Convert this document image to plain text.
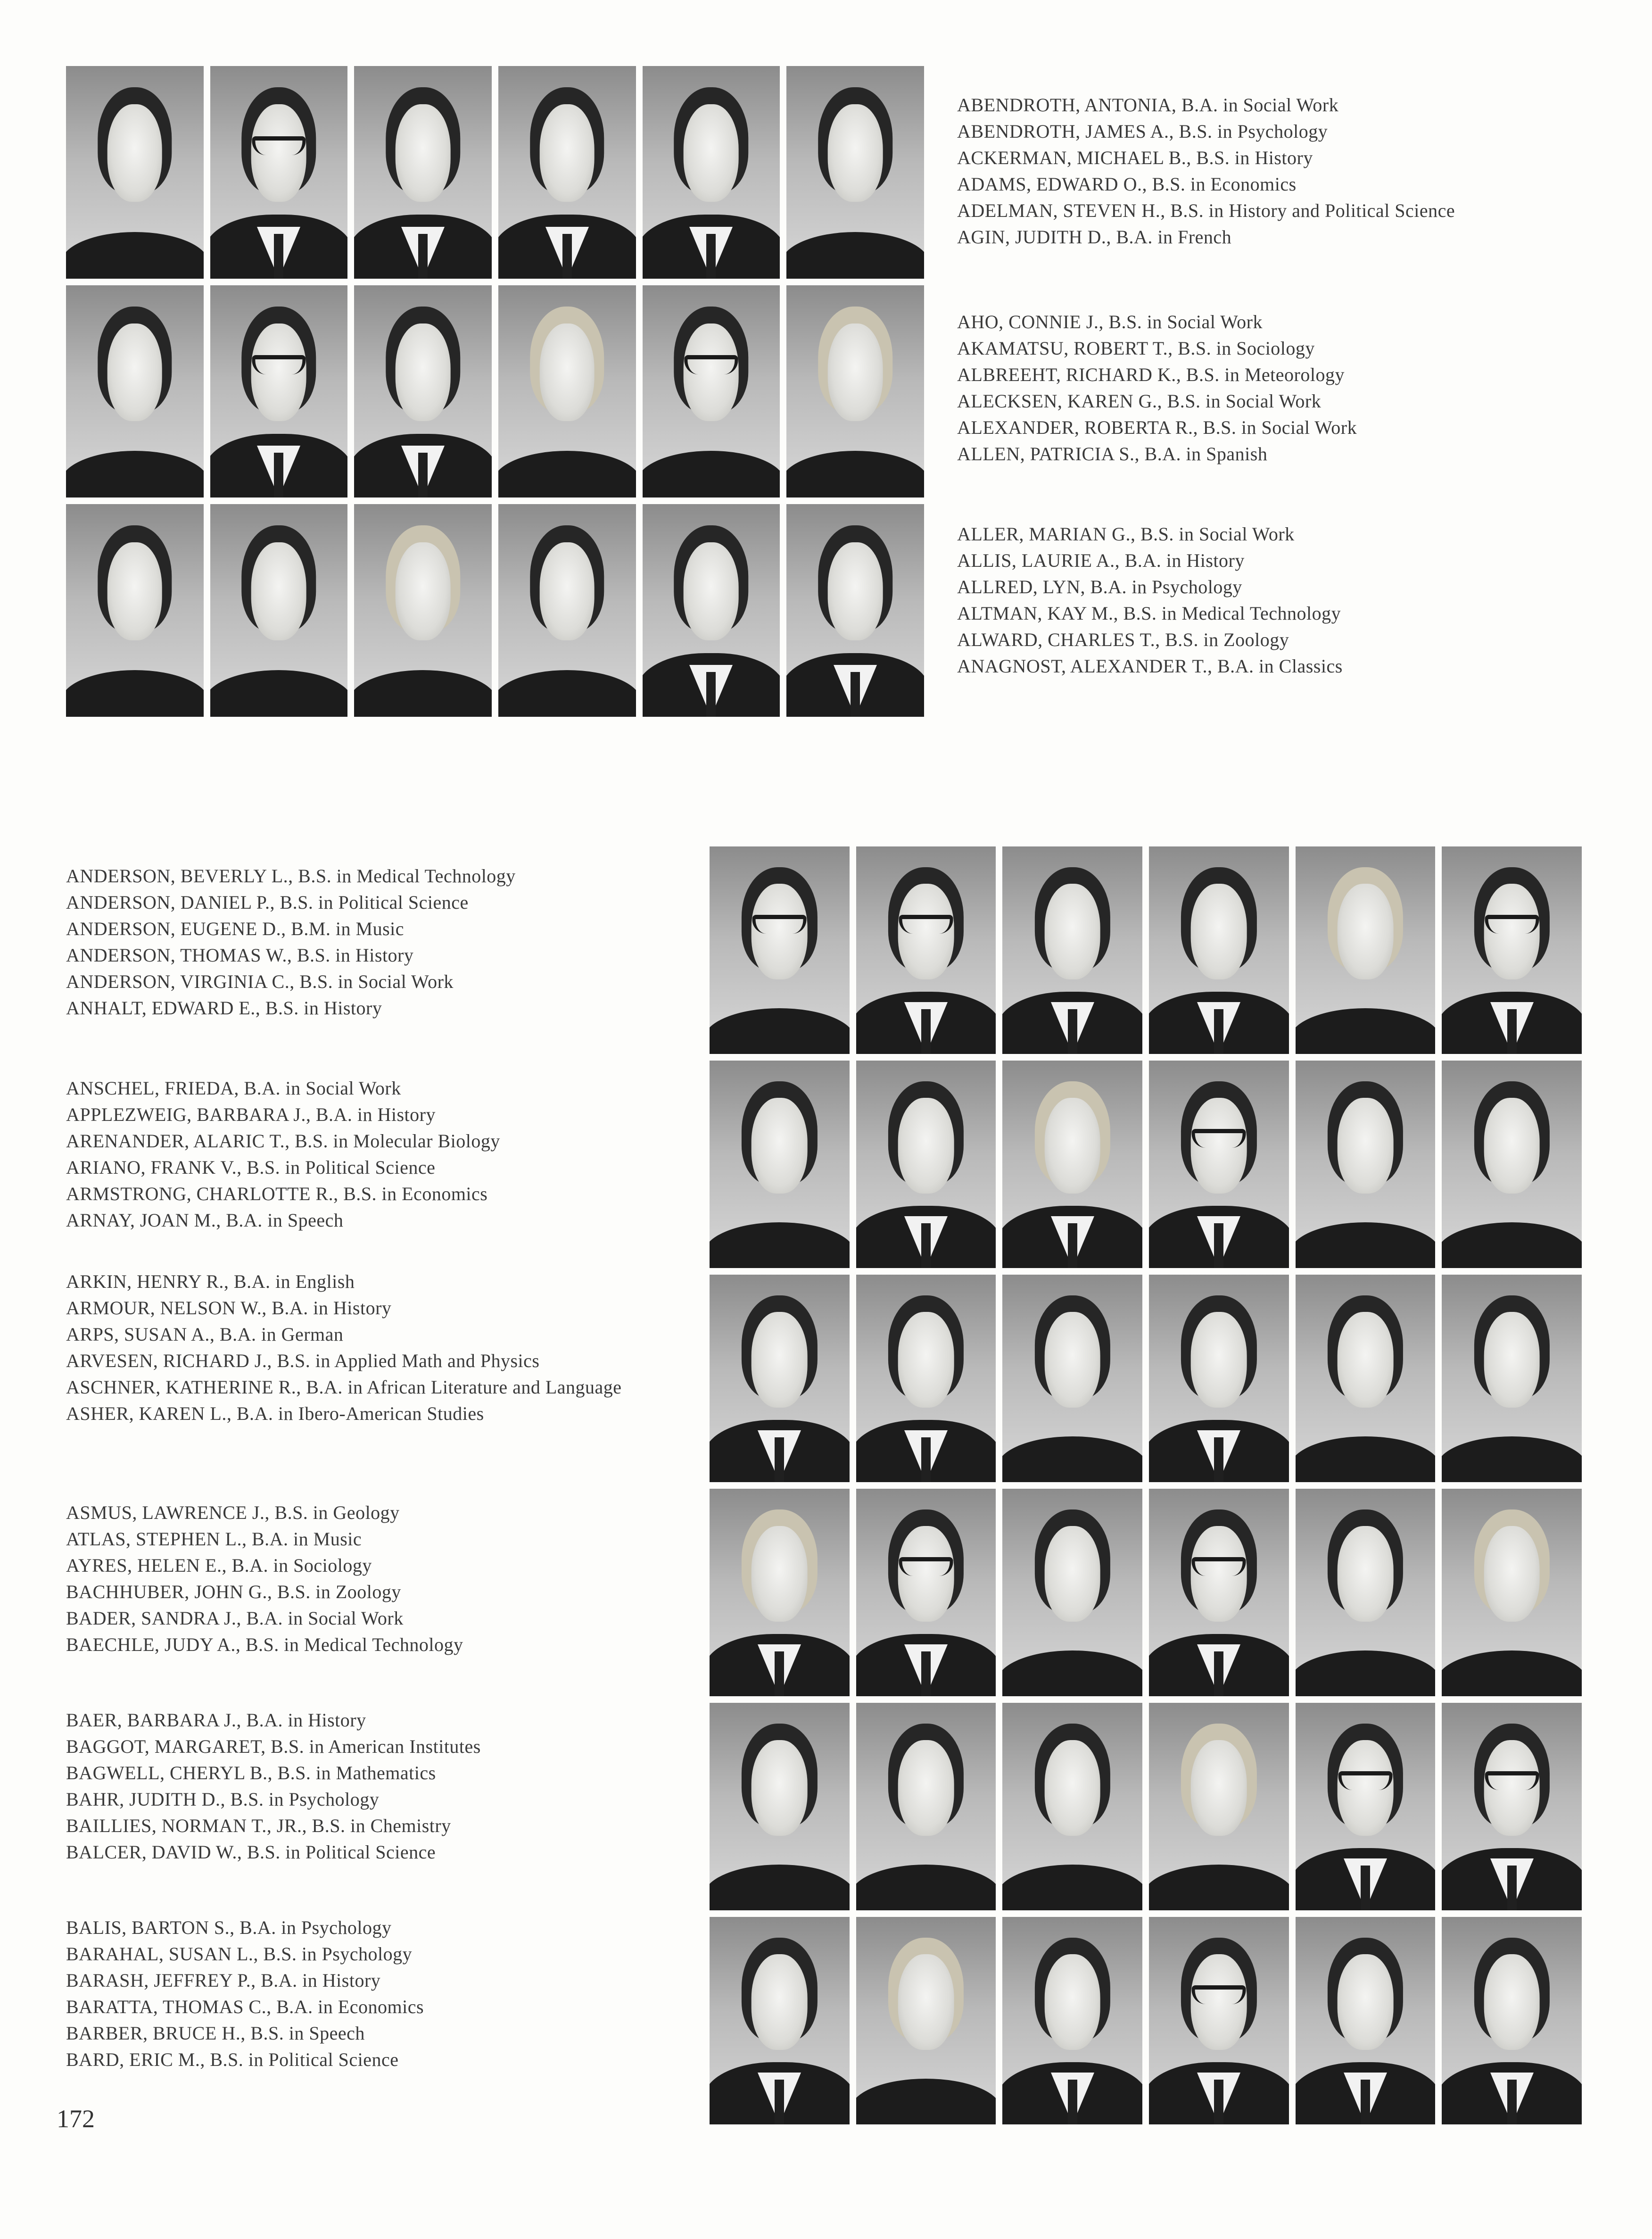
ABENDROTH, ANTONIA, B.A. in Social Work
ABENDROTH, JAMES A., B.S. in Psychology
ACKERMAN, MICHAEL B., B.S. in History
ADAMS, EDWARD O., B.S. in Economics
ADELMAN, STEVEN H., B.S. in History and Political Science
AGIN, JUDITH D., B.A. in French
AHO, CONNIE J., B.S. in Social Work
AKAMATSU, ROBERT T., B.S. in Sociology
ALBREEHT, RICHARD K., B.S. in Meteorology
ALECKSEN, KAREN G., B.S. in Social Work
ALEXANDER, ROBERTA R., B.S. in Social Work
ALLEN, PATRICIA S., B.A. in Spanish
ALLER, MARIAN G., B.S. in Social Work
ALLIS, LAURIE A., B.A. in History
ALLRED, LYN, B.A. in Psychology
ALTMAN, KAY M., B.S. in Medical Technology
ALWARD, CHARLES T., B.S. in Zoology
ANAGNOST, ALEXANDER T., B.A. in Classics
ANDERSON, BEVERLY L., B.S. in Medical Technology
ANDERSON, DANIEL P., B.S. in Political Science
ANDERSON, EUGENE D., B.M. in Music
ANDERSON, THOMAS W., B.S. in History
ANDERSON, VIRGINIA C., B.S. in Social Work
ANHALT, EDWARD E., B.S. in History
ANSCHEL, FRIEDA, B.A. in Social Work
APPLEZWEIG, BARBARA J., B.A. in History
ARENANDER, ALARIC T., B.S. in Molecular Biology
ARIANO, FRANK V., B.S. in Political Science
ARMSTRONG, CHARLOTTE R., B.S. in Economics
ARNAY, JOAN M., B.A. in Speech
ARKIN, HENRY R., B.A. in English
ARMOUR, NELSON W., B.A. in History
ARPS, SUSAN A., B.A. in German
ARVESEN, RICHARD J., B.S. in Applied Math and Physics
ASCHNER, KATHERINE R., B.A. in African Literature and Language
ASHER, KAREN L., B.A. in Ibero-American Studies
ASMUS, LAWRENCE J., B.S. in Geology
ATLAS, STEPHEN L., B.A. in Music
AYRES, HELEN E., B.A. in Sociology
BACHHUBER, JOHN G., B.S. in Zoology
BADER, SANDRA J., B.A. in Social Work
BAECHLE, JUDY A., B.S. in Medical Technology
BAER, BARBARA J., B.A. in History
BAGGOT, MARGARET, B.S. in American Institutes
BAGWELL, CHERYL B., B.S. in Mathematics
BAHR, JUDITH D., B.S. in Psychology
BAILLIES, NORMAN T., JR., B.S. in Chemistry
BALCER, DAVID W., B.S. in Political Science
BALIS, BARTON S., B.A. in Psychology
BARAHAL, SUSAN L., B.S. in Psychology
BARASH, JEFFREY P., B.A. in History
BARATTA, THOMAS C., B.A. in Economics
BARBER, BRUCE H., B.S. in Speech
BARD, ERIC M., B.S. in Political Science
172
